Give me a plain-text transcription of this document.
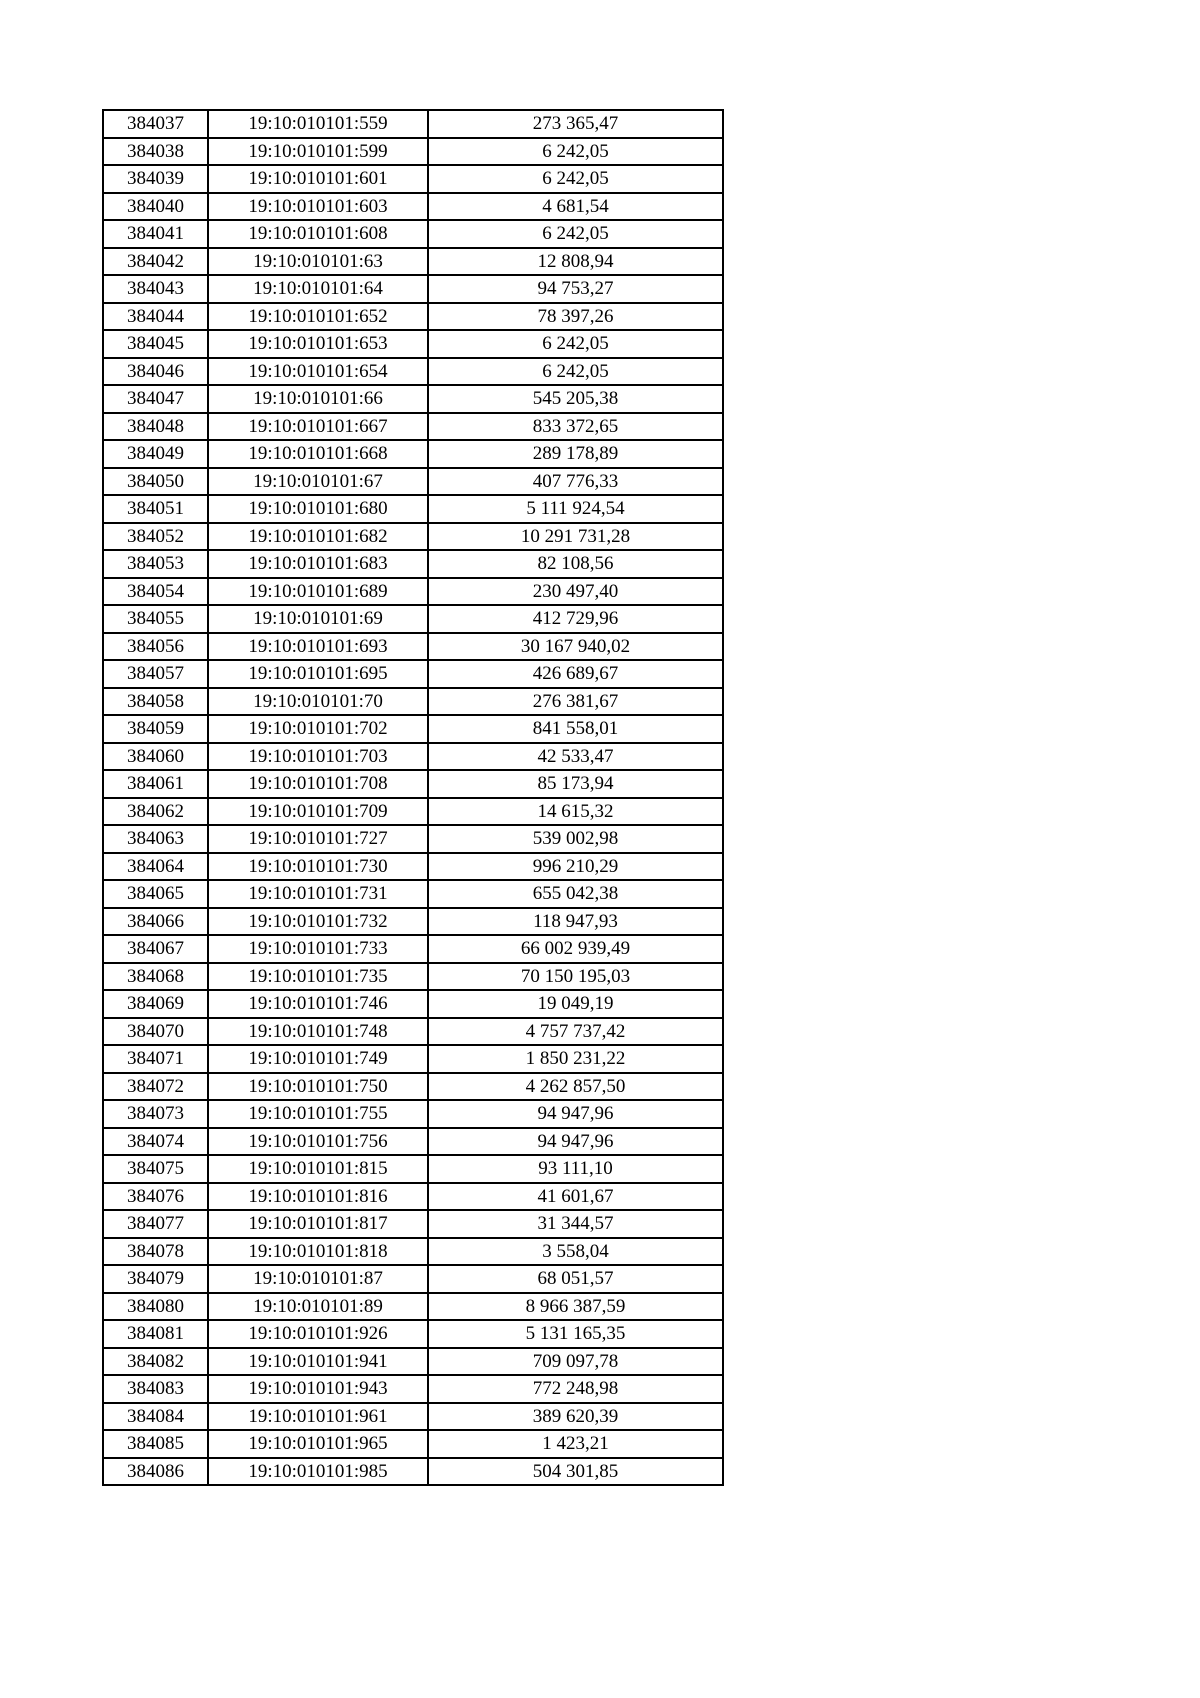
384037	19:10:010101:559	273 365,47
384038	19:10:010101:599	6 242,05
384039	19:10:010101:601	6 242,05
384040	19:10:010101:603	4 681,54
384041	19:10:010101:608	6 242,05
384042	19:10:010101:63	12 808,94
384043	19:10:010101:64	94 753,27
384044	19:10:010101:652	78 397,26
384045	19:10:010101:653	6 242,05
384046	19:10:010101:654	6 242,05
384047	19:10:010101:66	545 205,38
384048	19:10:010101:667	833 372,65
384049	19:10:010101:668	289 178,89
384050	19:10:010101:67	407 776,33
384051	19:10:010101:680	5 111 924,54
384052	19:10:010101:682	10 291 731,28
384053	19:10:010101:683	82 108,56
384054	19:10:010101:689	230 497,40
384055	19:10:010101:69	412 729,96
384056	19:10:010101:693	30 167 940,02
384057	19:10:010101:695	426 689,67
384058	19:10:010101:70	276 381,67
384059	19:10:010101:702	841 558,01
384060	19:10:010101:703	42 533,47
384061	19:10:010101:708	85 173,94
384062	19:10:010101:709	14 615,32
384063	19:10:010101:727	539 002,98
384064	19:10:010101:730	996 210,29
384065	19:10:010101:731	655 042,38
384066	19:10:010101:732	118 947,93
384067	19:10:010101:733	66 002 939,49
384068	19:10:010101:735	70 150 195,03
384069	19:10:010101:746	19 049,19
384070	19:10:010101:748	4 757 737,42
384071	19:10:010101:749	1 850 231,22
384072	19:10:010101:750	4 262 857,50
384073	19:10:010101:755	94 947,96
384074	19:10:010101:756	94 947,96
384075	19:10:010101:815	93 111,10
384076	19:10:010101:816	41 601,67
384077	19:10:010101:817	31 344,57
384078	19:10:010101:818	3 558,04
384079	19:10:010101:87	68 051,57
384080	19:10:010101:89	8 966 387,59
384081	19:10:010101:926	5 131 165,35
384082	19:10:010101:941	709 097,78
384083	19:10:010101:943	772 248,98
384084	19:10:010101:961	389 620,39
384085	19:10:010101:965	1 423,21
384086	19:10:010101:985	504 301,85
